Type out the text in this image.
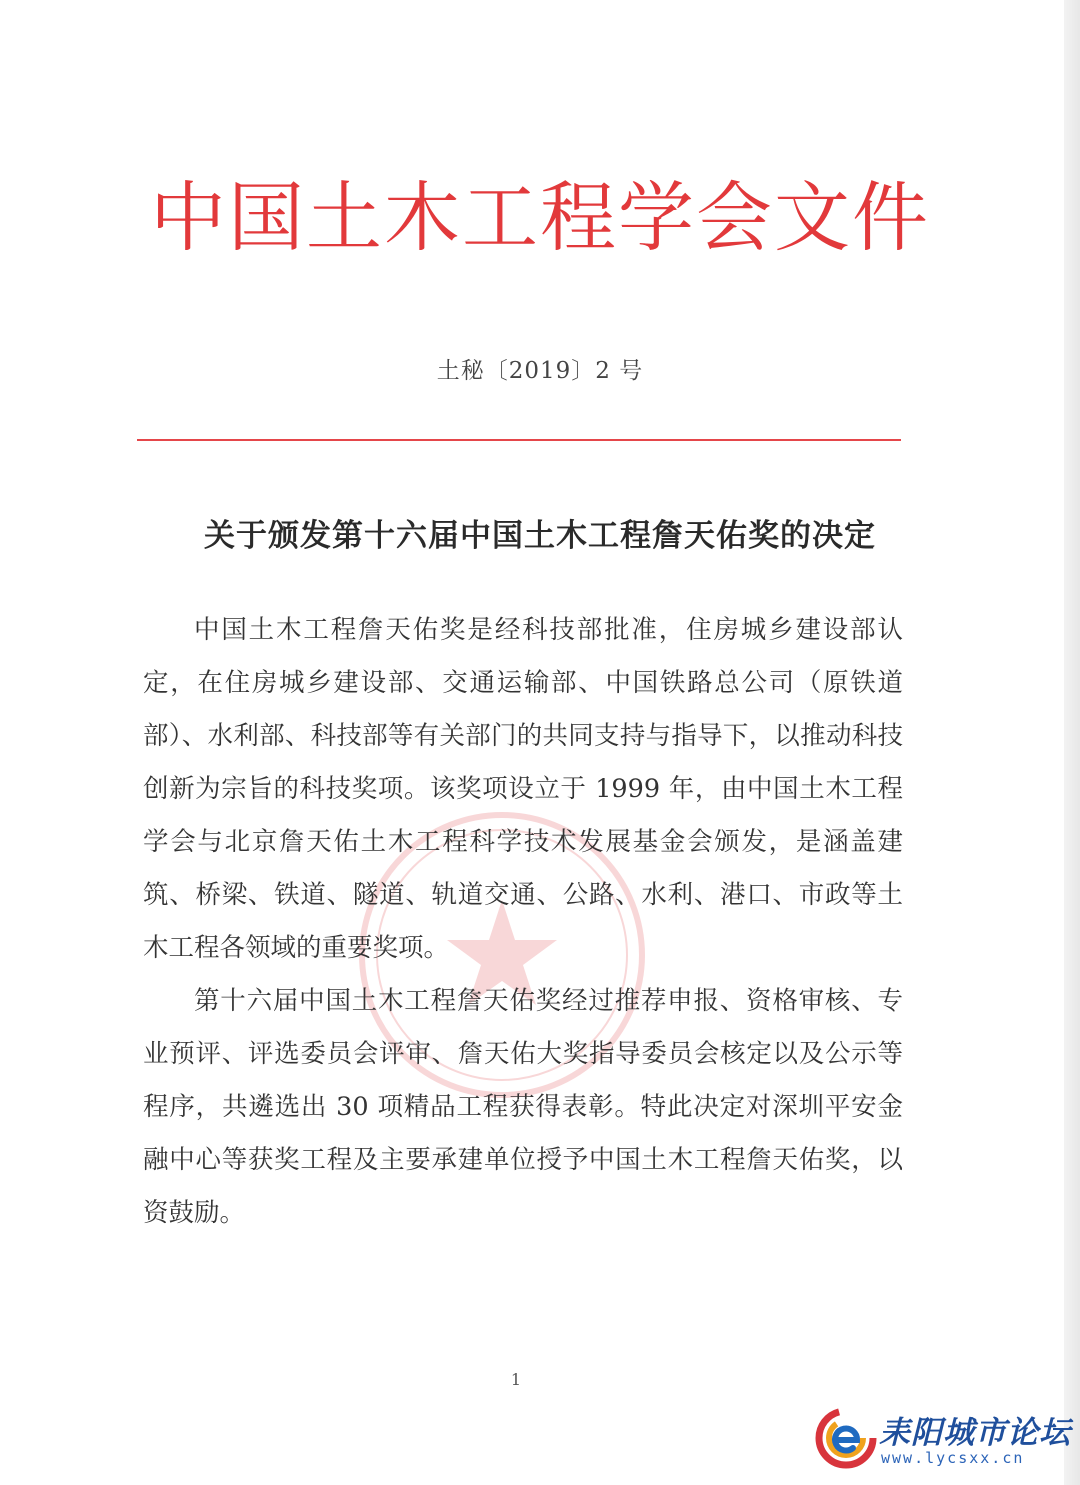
中国土木工程学会文件
土秘〔2019〕2 号
关于颁发第十六届中国土木工程詹天佑奖的决定

中国土木工程詹天佑奖是经科技部批准，住房城乡建设部认定，在住房城乡建设部、交通运输部、中国铁路总公司（原铁道部）、水利部、科技部等有关部门的共同支持与指导下，以推动科技创新为宗旨的科技奖项。该奖项设立于 1999 年，由中国土木工程学会与北京詹天佑土木工程科学技术发展基金会颁发，是涵盖建筑、桥梁、铁道、隧道、轨道交通、公路、水利、港口、市政等土木工程各领域的重要奖项。

第十六届中国土木工程詹天佑奖经过推荐申报、资格审核、专业预评、评选委员会评审、詹天佑大奖指导委员会核定以及公示等程序，共遴选出 30 项精品工程获得表彰。特此决定对深圳平安金融中心等获奖工程及主要承建单位授予中国土木工程詹天佑奖，以资鼓励。

1
耒阳城市论坛
www.lycsxx.cn
